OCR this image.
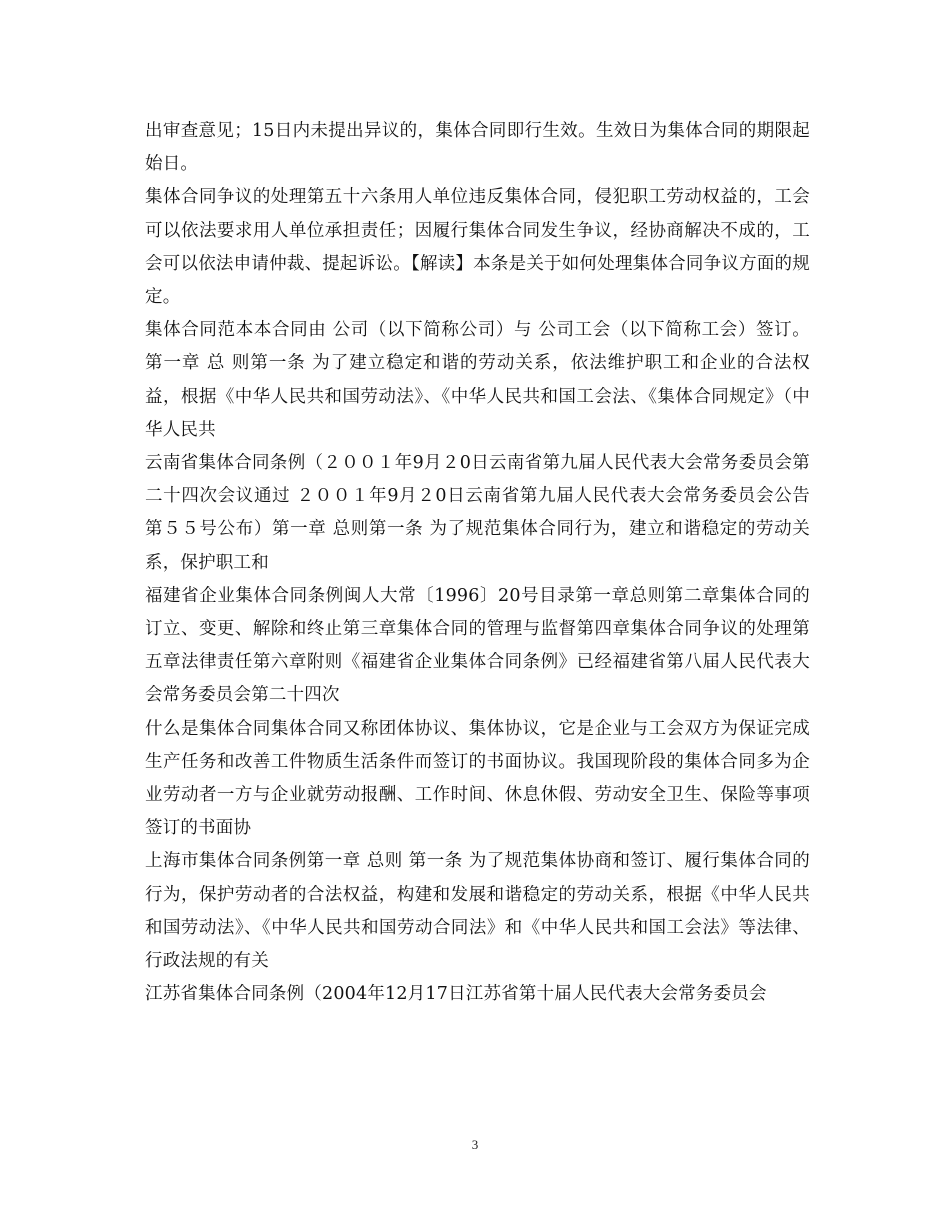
出审查意见；15日内未提出异议的，集体合同即行生效。生效日为集体合同的期限起始日。

集体合同争议的处理第五十六条用人单位违反集体合同，侵犯职工劳动权益的，工会可以依法要求用人单位承担责任；因履行集体合同发生争议，经协商解决不成的，工会可以依法申请仲裁、提起诉讼。【解读】本条是关于如何处理集体合同争议方面的规定。

集体合同范本本合同由 公司（以下简称公司）与 公司工会（以下简称工会）签订。第一章 总 则第一条 为了建立稳定和谐的劳动关系，依法维护职工和企业的合法权益，根据《中华人民共和国劳动法》、《中华人民共和国工会法、《集体合同规定》（中华人民共

云南省集体合同条例（２００１年9月２0日云南省第九届人民代表大会常务委员会第二十四次会议通过 ２００１年9月２0日云南省第九届人民代表大会常务委员会公告第５５号公布）第一章 总则第一条 为了规范集体合同行为，建立和谐稳定的劳动关系，保护职工和

福建省企业集体合同条例闽人大常〔1996〕20号目录第一章总则第二章集体合同的订立、变更、解除和终止第三章集体合同的管理与监督第四章集体合同争议的处理第五章法律责任第六章附则《福建省企业集体合同条例》已经福建省第八届人民代表大会常务委员会第二十四次

什么是集体合同集体合同又称团体协议、集体协议，它是企业与工会双方为保证完成生产任务和改善工件物质生活条件而签订的书面协议。我国现阶段的集体合同多为企业劳动者一方与企业就劳动报酬、工作时间、休息休假、劳动安全卫生、保险等事项签订的书面协

上海市集体合同条例第一章 总则 第一条 为了规范集体协商和签订、履行集体合同的行为，保护劳动者的合法权益，构建和发展和谐稳定的劳动关系，根据《中华人民共和国劳动法》、《中华人民共和国劳动合同法》和《中华人民共和国工会法》等法律、行政法规的有关

江苏省集体合同条例（2004年12月17日江苏省第十届人民代表大会常务委员会

3
